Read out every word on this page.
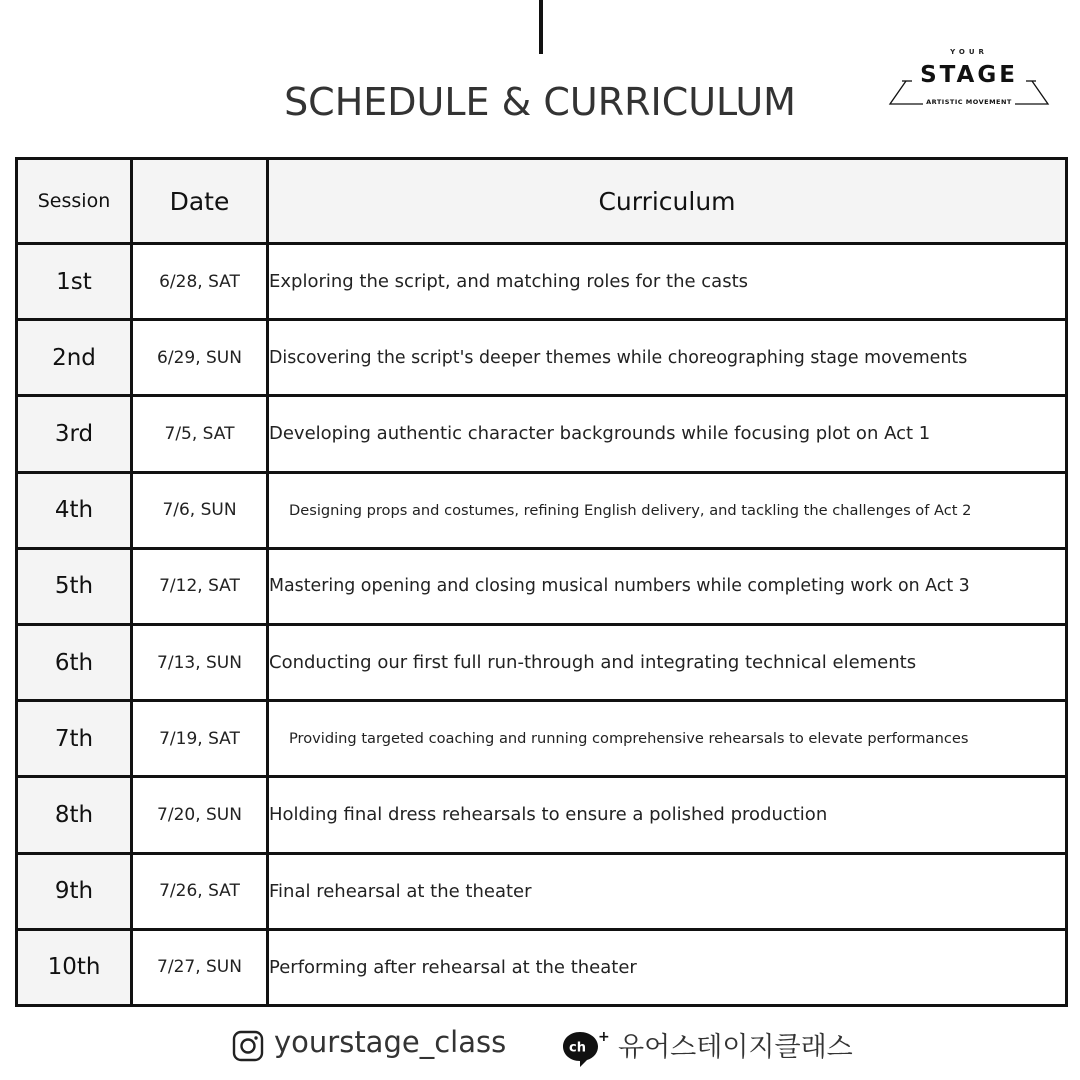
SCHEDULE & CURRICULUM
YOUR
STAGE
ARTISTIC MOVEMENT
Session	Date	Curriculum
1st	6/28, SAT	Exploring the script, and matching roles for the casts
2nd	6/29, SUN	Discovering the script's deeper themes while choreographing stage movements
3rd	7/5, SAT	Developing authentic character backgrounds while focusing plot on Act 1
4th	7/6, SUN	Designing props and costumes, refining English delivery, and tackling the challenges of Act 2
5th	7/12, SAT	Mastering opening and closing musical numbers while completing work on Act 3
6th	7/13, SUN	Conducting our first full run-through and integrating technical elements
7th	7/19, SAT	Providing targeted coaching and running comprehensive rehearsals to elevate performances
8th	7/20, SUN	Holding final dress rehearsals to ensure a polished production
9th	7/26, SAT	Final rehearsal at the theater
10th	7/27, SUN	Performing after rehearsal at the theater
yourstage_class	ch
+ 유어스테이지클래스
